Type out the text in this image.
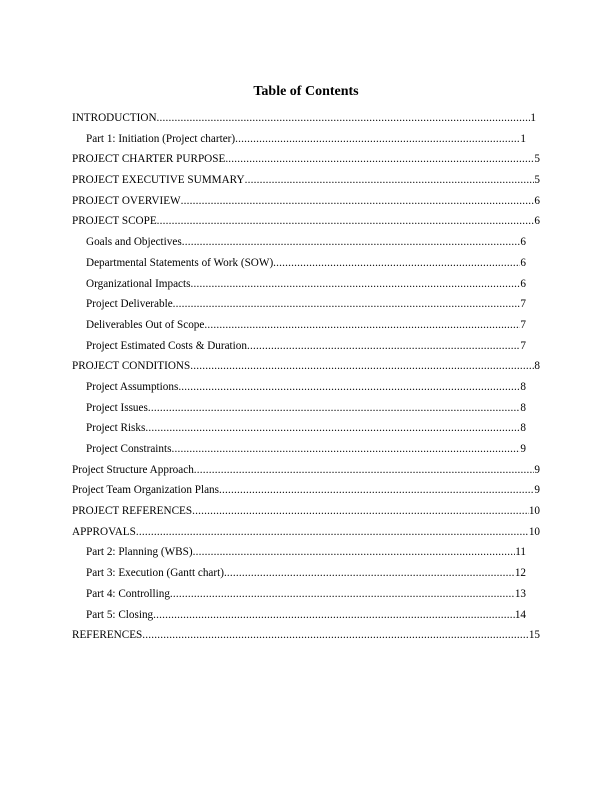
Table of Contents
INTRODUCTION .....	1
Part 1: Initiation (Project charter) .....	1
PROJECT CHARTER PURPOSE .....	5
PROJECT EXECUTIVE SUMMARY .....	5
PROJECT OVERVIEW .....	6
PROJECT SCOPE .....	6
Goals and Objectives .....	6
Departmental Statements of Work (SOW) .....	6
Organizational Impacts .....	6
Project Deliverable .....	7
Deliverables Out of Scope .....	7
Project Estimated Costs & Duration .....	7
PROJECT CONDITIONS .....	8
Project Assumptions .....	8
Project Issues .....	8
Project Risks .....	8
Project Constraints .....	9
Project Structure Approach .....	9
Project Team Organization Plans .....	9
PROJECT REFERENCES .....	10
APPROVALS .....	10
Part 2: Planning (WBS) .....	11
Part 3: Execution (Gantt chart) .....	12
Part 4: Controlling .....	13
Part 5: Closing .....	14
REFERENCES .....	15
